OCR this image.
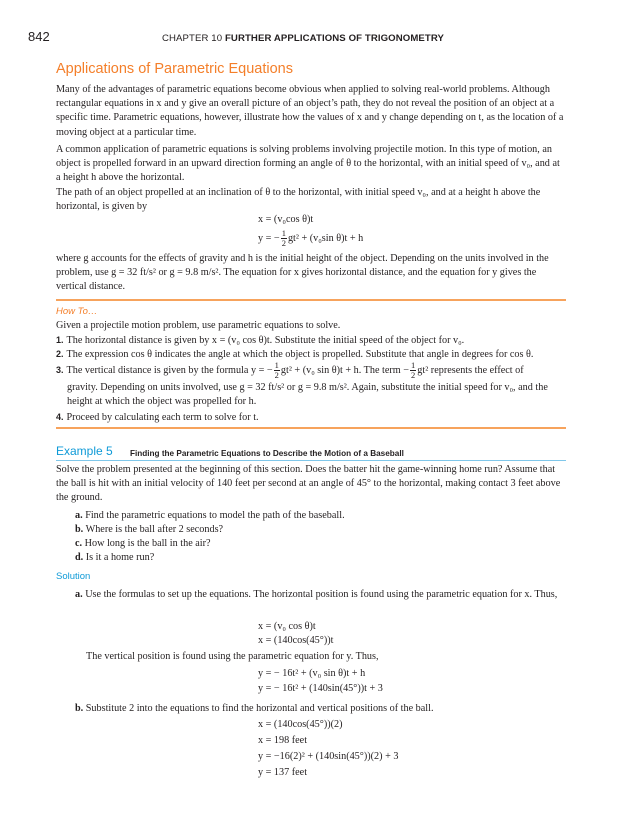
842	CHAPTER 10 FURTHER APPLICATIONS OF TRIGONOMETRY
Applications of Parametric Equations

Many of the advantages of parametric equations become obvious when applied to solving real-world problems. Although rectangular equations in x and y give an overall picture of an object’s path, they do not reveal the position of an object at a specific time. Parametric equations, however, illustrate how the values of x and y change depending on t, as the location of a moving object at a particular time.

A common application of parametric equations is solving problems involving projectile motion. In this type of motion, an object is propelled forward in an upward direction forming an angle of θ to the horizontal, with an initial speed of v₀, and at a height h above the horizontal.

The path of an object propelled at an inclination of θ to the horizontal, with initial speed v₀, and at a height h above the horizontal, is given by

x = (v₀cos θ)t
y = − $\frac{1}{2} gt^2 + (v_0\sin$ θ)t + h

where g accounts for the effects of gravity and h is the initial height of the object. Depending on the units involved in the problem, use g = 32 ft/s² or g = 9.8 m/s². The equation for x gives horizontal distance, and the equation for y gives the vertical distance.

How To…
Given a projectile motion problem, use parametric equations to solve.
1. The horizontal distance is given by x = (v₀ cos θ)t. Substitute the initial speed of the object for v₀.
2. The expression cos θ indicates the angle at which the object is propelled. Substitute that angle in degrees for cos θ.
3. The vertical distance is given by the formula y = − $\frac{1}{2} gt^2 + (v_0$ sin θ)t + h. The term − $\frac{1}{2} gt^2$ represents the effect of
gravity. Depending on units involved, use g = 32 ft/s² or g = 9.8 m/s². Again, substitute the initial speed for v₀, and the height at which the object was propelled for h.
4. Proceed by calculating each term to solve for t.
Example 5 Finding the Parametric Equations to Describe the Motion of a Baseball
Solve the problem presented at the beginning of this section. Does the batter hit the game-winning home run? Assume that the ball is hit with an initial velocity of 140 feet per second at an angle of 45° to the horizontal, making contact 3 feet above the ground.
a. Find the parametric equations to model the path of the baseball.
b. Where is the ball after 2 seconds?
c. How long is the ball in the air?
d. Is it a home run?
Solution
a. Use the formulas to set up the equations. The horizontal position is found using the parametric equation for x. Thus,
x = (v₀ cos θ)t
x = (140cos(45°))t
The vertical position is found using the parametric equation for y. Thus,
y = − 16t² + (v₀ sin θ)t + h
y = − 16t² + (140sin(45°))t + 3
b. Substitute 2 into the equations to find the horizontal and vertical positions of the ball.
x = (140cos(45°))(2)
x = 198 feet
y = −16(2)² + (140sin(45°))(2) + 3
y = 137 feet
